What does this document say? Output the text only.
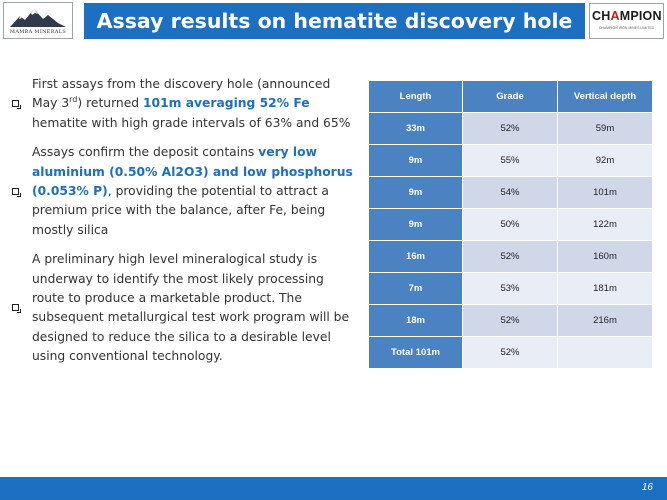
MAMBA MINERALS Assay results on hematite discovery hole CHAMPION
CHAMPION IRON MINES LIMITED
First assays from the discovery hole (announced May 3rd) returned 101m averaging 52% Fe hematite with high grade intervals of 63% and 65%
Assays confirm the deposit contains very low aluminium (0.50% Al2O3) and low phosphorus (0.053% P), providing the potential to attract a premium price with the balance, after Fe, being mostly silica
A preliminary high level mineralogical study is underway to identify the most likely processing route to produce a marketable product. The subsequent metallurgical test work program will be designed to reduce the silica to a desirable level using conventional technology.
Length	Grade	Vertical depth
33m	52%	59m
9m	55%	92m
9m	54%	101m
9m	50%	122m
16m	52%	160m
7m	53%	181m
18m	52%	216m
Total 101m	52%	
16
